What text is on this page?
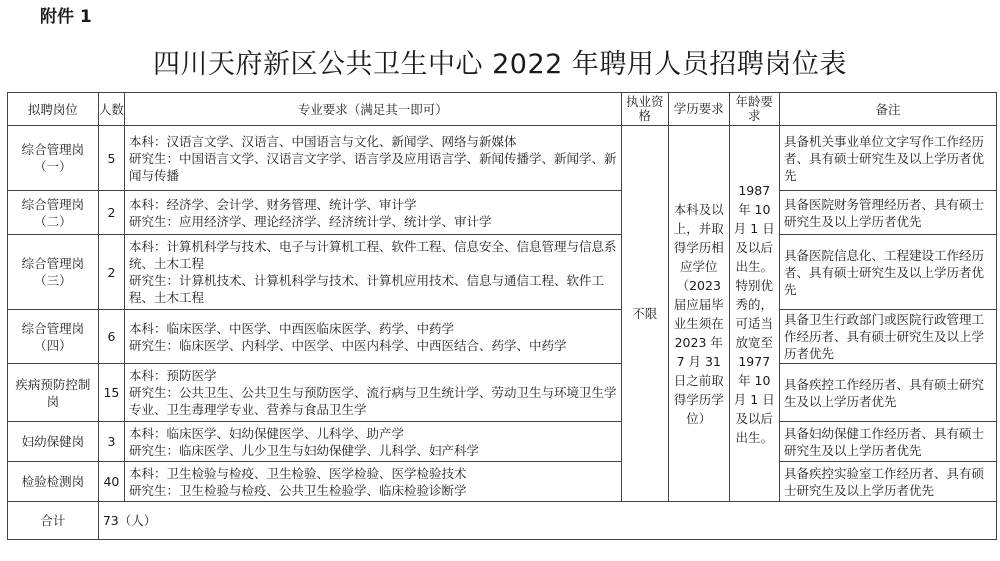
附件 1
四川天府新区公共卫生中心 2022 年聘用人员招聘岗位表
拟聘岗位	人数	专业要求（满足其一即可）	执业资格	学历要求	年龄要求	备注
综合管理岗（一）	5	本科：汉语言文学、汉语言、中国语言与文化、新闻学、网络与新媒体
研究生：中国语言文学、汉语言文字学、语言学及应用语言学、新闻传播学、新闻学、新闻与传播	不限	本科及以上，并取得学历相应学位（2023 届应届毕业生须在 2023 年 7 月 31 日之前取得学历学位）	1987 年 10 月 1 日及以后出生。特别优秀的，可适当放宽至 1977 年 10 月 1 日及以后出生。	具备机关事业单位文字写作工作经历者、具有硕士研究生及以上学历者优先
综合管理岗（二）	2	本科：经济学、会计学、财务管理、统计学、审计学
研究生：应用经济学、理论经济学、经济统计学、统计学、审计学				具备医院财务管理经历者、具有硕士研究生及以上学历者优先
综合管理岗（三）	2	本科：计算机科学与技术、电子与计算机工程、软件工程、信息安全、信息管理与信息系统、土木工程
研究生：计算机技术、计算机科学与技术、计算机应用技术、信息与通信工程、软件工程、土木工程				具备医院信息化、工程建设工作经历者、具有硕士研究生及以上学历者优先
综合管理岗（四）	6	本科：临床医学、中医学、中西医临床医学、药学、中药学
研究生：临床医学、内科学、中医学、中医内科学、中西医结合、药学、中药学				具备卫生行政部门或医院行政管理工作经历者、具有硕士研究生及以上学历者优先
疾病预防控制岗	15	本科：预防医学
研究生：公共卫生、公共卫生与预防医学、流行病与卫生统计学、劳动卫生与环境卫生学专业、卫生毒理学专业、营养与食品卫生学				具备疾控工作经历者、具有硕士研究生及以上学历者优先
妇幼保健岗	3	本科：临床医学、妇幼保健医学、儿科学、助产学
研究生：临床医学、儿少卫生与妇幼保健学、儿科学、妇产科学				具备妇幼保健工作经历者、具有硕士研究生及以上学历者优先
检验检测岗	40	本科：卫生检验与检疫、卫生检验、医学检验、医学检验技术
研究生：卫生检验与检疫、公共卫生检验学、临床检验诊断学				具备疾控实验室工作经历者、具有硕士研究生及以上学历者优先
合计	73（人）					
